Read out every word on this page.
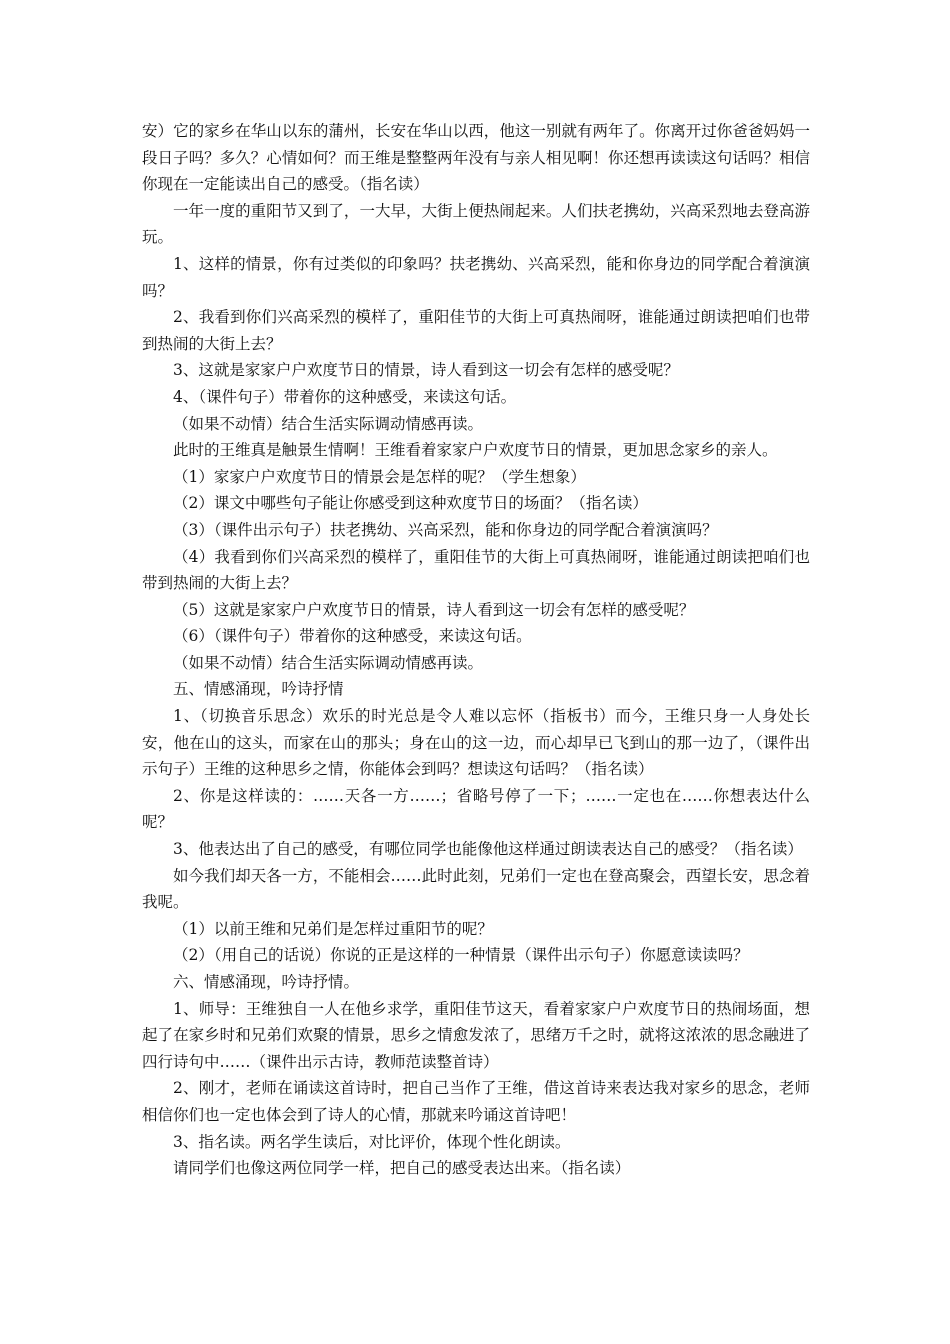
安）它的家乡在华山以东的蒲州，长安在华山以西，他这一别就有两年了。你离开过你爸爸妈妈一段日子吗？多久？心情如何？而王维是整整两年没有与亲人相见啊！你还想再读读这句话吗？相信你现在一定能读出自己的感受。（指名读）

一年一度的重阳节又到了，一大早，大街上便热闹起来。人们扶老携幼，兴高采烈地去登高游玩。

1、这样的情景，你有过类似的印象吗？扶老携幼、兴高采烈，能和你身边的同学配合着演演吗？

2、我看到你们兴高采烈的模样了，重阳佳节的大街上可真热闹呀，谁能通过朗读把咱们也带到热闹的大街上去？

3、这就是家家户户欢度节日的情景，诗人看到这一切会有怎样的感受呢？

4、（课件句子）带着你的这种感受，来读这句话。

（如果不动情）结合生活实际调动情感再读。

此时的王维真是触景生情啊！王维看着家家户户欢度节日的情景，更加思念家乡的亲人。

（1）家家户户欢度节日的情景会是怎样的呢？（学生想象）

（2）课文中哪些句子能让你感受到这种欢度节日的场面？（指名读）

（3）（课件出示句子）扶老携幼、兴高采烈，能和你身边的同学配合着演演吗？

（4）我看到你们兴高采烈的模样了，重阳佳节的大街上可真热闹呀，谁能通过朗读把咱们也带到热闹的大街上去？

（5）这就是家家户户欢度节日的情景，诗人看到这一切会有怎样的感受呢？

（6）（课件句子）带着你的这种感受，来读这句话。

（如果不动情）结合生活实际调动情感再读。

五、情感涌现，吟诗抒情

1、（切换音乐思念）欢乐的时光总是令人难以忘怀（指板书）而今，王维只身一人身处长安，他在山的这头，而家在山的那头；身在山的这一边，而心却早已飞到山的那一边了，（课件出示句子）王维的这种思乡之情，你能体会到吗？想读这句话吗？（指名读）

2、你是这样读的：……天各一方……；省略号停了一下；……一定也在……你想表达什么呢？

3、他表达出了自己的感受，有哪位同学也能像他这样通过朗读表达自己的感受？（指名读）

如今我们却天各一方，不能相会……此时此刻，兄弟们一定也在登高聚会，西望长安，思念着我呢。

（1）以前王维和兄弟们是怎样过重阳节的呢？

（2）（用自己的话说）你说的正是这样的一种情景（课件出示句子）你愿意读读吗？

六、情感涌现，吟诗抒情。

1、师导：王维独自一人在他乡求学，重阳佳节这天，看着家家户户欢度节日的热闹场面，想起了在家乡时和兄弟们欢聚的情景，思乡之情愈发浓了，思绪万千之时，就将这浓浓的思念融进了四行诗句中……（课件出示古诗，教师范读整首诗）

2、刚才，老师在诵读这首诗时，把自己当作了王维，借这首诗来表达我对家乡的思念，老师相信你们也一定也体会到了诗人的心情，那就来吟诵这首诗吧！

3、指名读。两名学生读后，对比评价，体现个性化朗读。

请同学们也像这两位同学一样，把自己的感受表达出来。（指名读）
